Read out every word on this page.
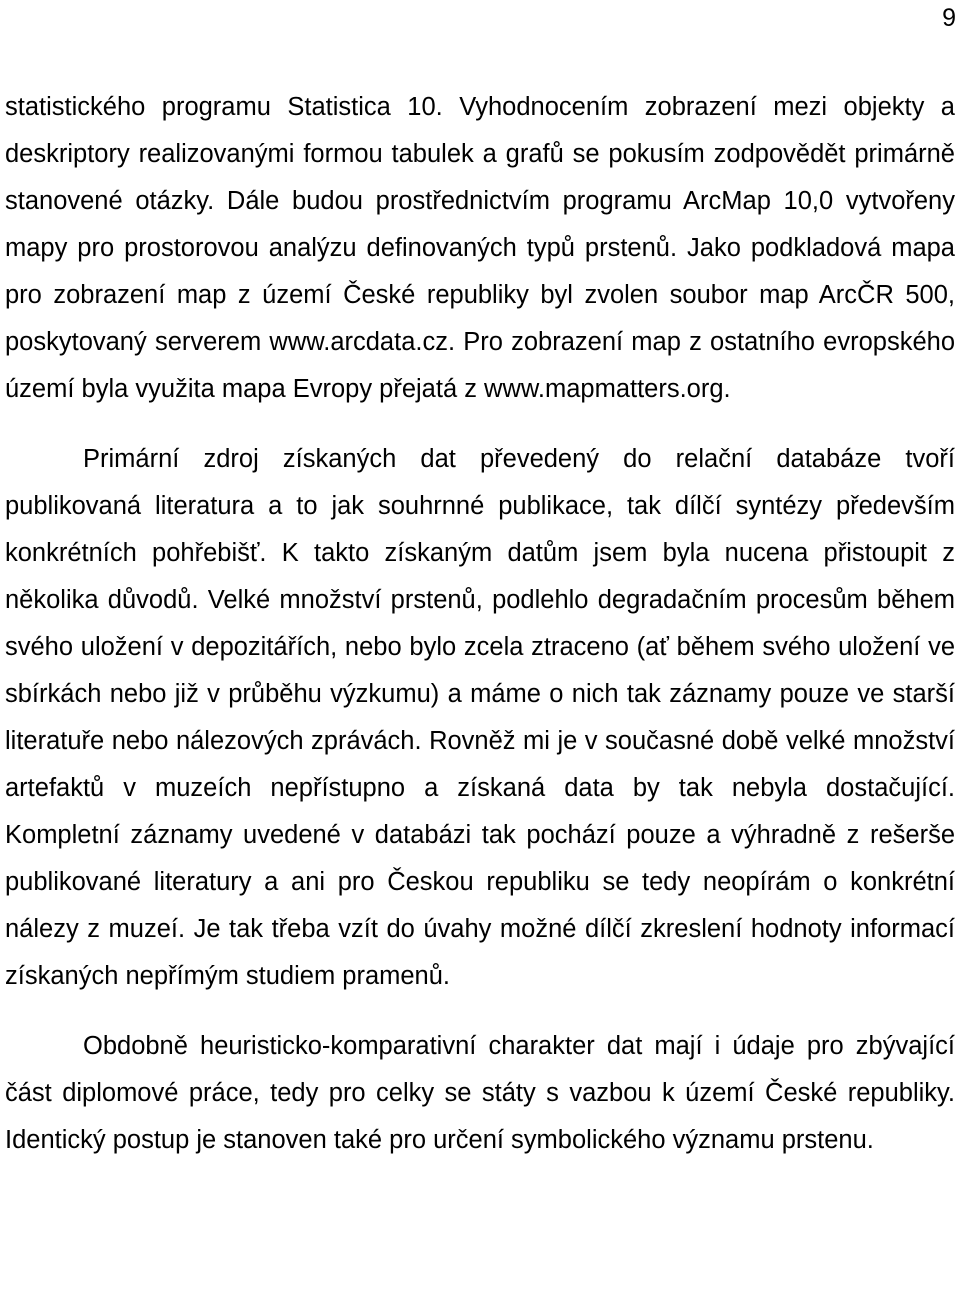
9

statistického programu Statistica 10. Vyhodnocením zobrazení mezi objekty a deskriptory realizovanými formou tabulek a grafů se pokusím zodpovědět primárně stanovené otázky. Dále budou prostřednictvím programu ArcMap 10,0 vytvořeny mapy pro prostorovou analýzu definovaných typů prstenů. Jako podkladová mapa pro zobrazení map z území České republiky byl zvolen soubor map ArcČR 500, poskytovaný serverem www.arcdata.cz. Pro zobrazení map z ostatního evropského území byla využita mapa Evropy přejatá z www.mapmatters.org.

Primární zdroj získaných dat převedený do relační databáze tvoří publikovaná literatura a to jak souhrnné publikace, tak dílčí syntézy především konkrétních pohřebišť. K takto získaným datům jsem byla nucena přistoupit z několika důvodů. Velké množství prstenů, podlehlo degradačním procesům během svého uložení v depozitářích, nebo bylo zcela ztraceno (ať během svého uložení ve sbírkách nebo již v průběhu výzkumu) a máme o nich tak záznamy pouze ve starší literatuře nebo nálezových zprávách. Rovněž mi je v současné době velké množství artefaktů v muzeích nepřístupno a získaná data by tak nebyla dostačující. Kompletní záznamy uvedené v databázi tak pochází pouze a výhradně z rešerše publikované literatury a ani pro Českou republiku se tedy neopírám o konkrétní nálezy z muzeí. Je tak třeba vzít do úvahy možné dílčí zkreslení hodnoty informací získaných nepřímým studiem pramenů.

Obdobně heuristicko-komparativní charakter dat mají i údaje pro zbývající část diplomové práce, tedy pro celky se státy s vazbou k území České republiky. Identický postup je stanoven také pro určení symbolického významu prstenu.
